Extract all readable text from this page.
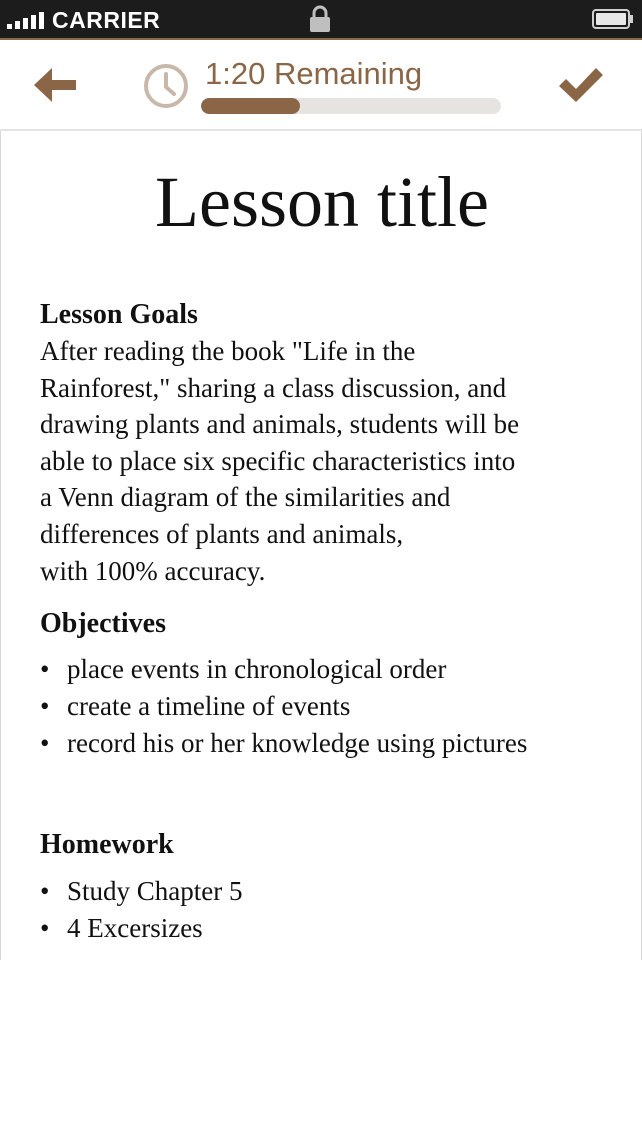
CARRIER
1:20 Remaining
Lesson title
Lesson Goals

After reading the book "Life in the
Rainforest," sharing a class discussion, and
drawing plants and animals, students will be
able to place six specific characteristics into
a Venn diagram of the similarities and
differences of plants and animals,
with 100% accuracy.

Objectives
• place events in chronological order
• create a timeline of events
• record his or her knowledge using pictures
Homework
• Study Chapter 5
• 4 Excersizes
